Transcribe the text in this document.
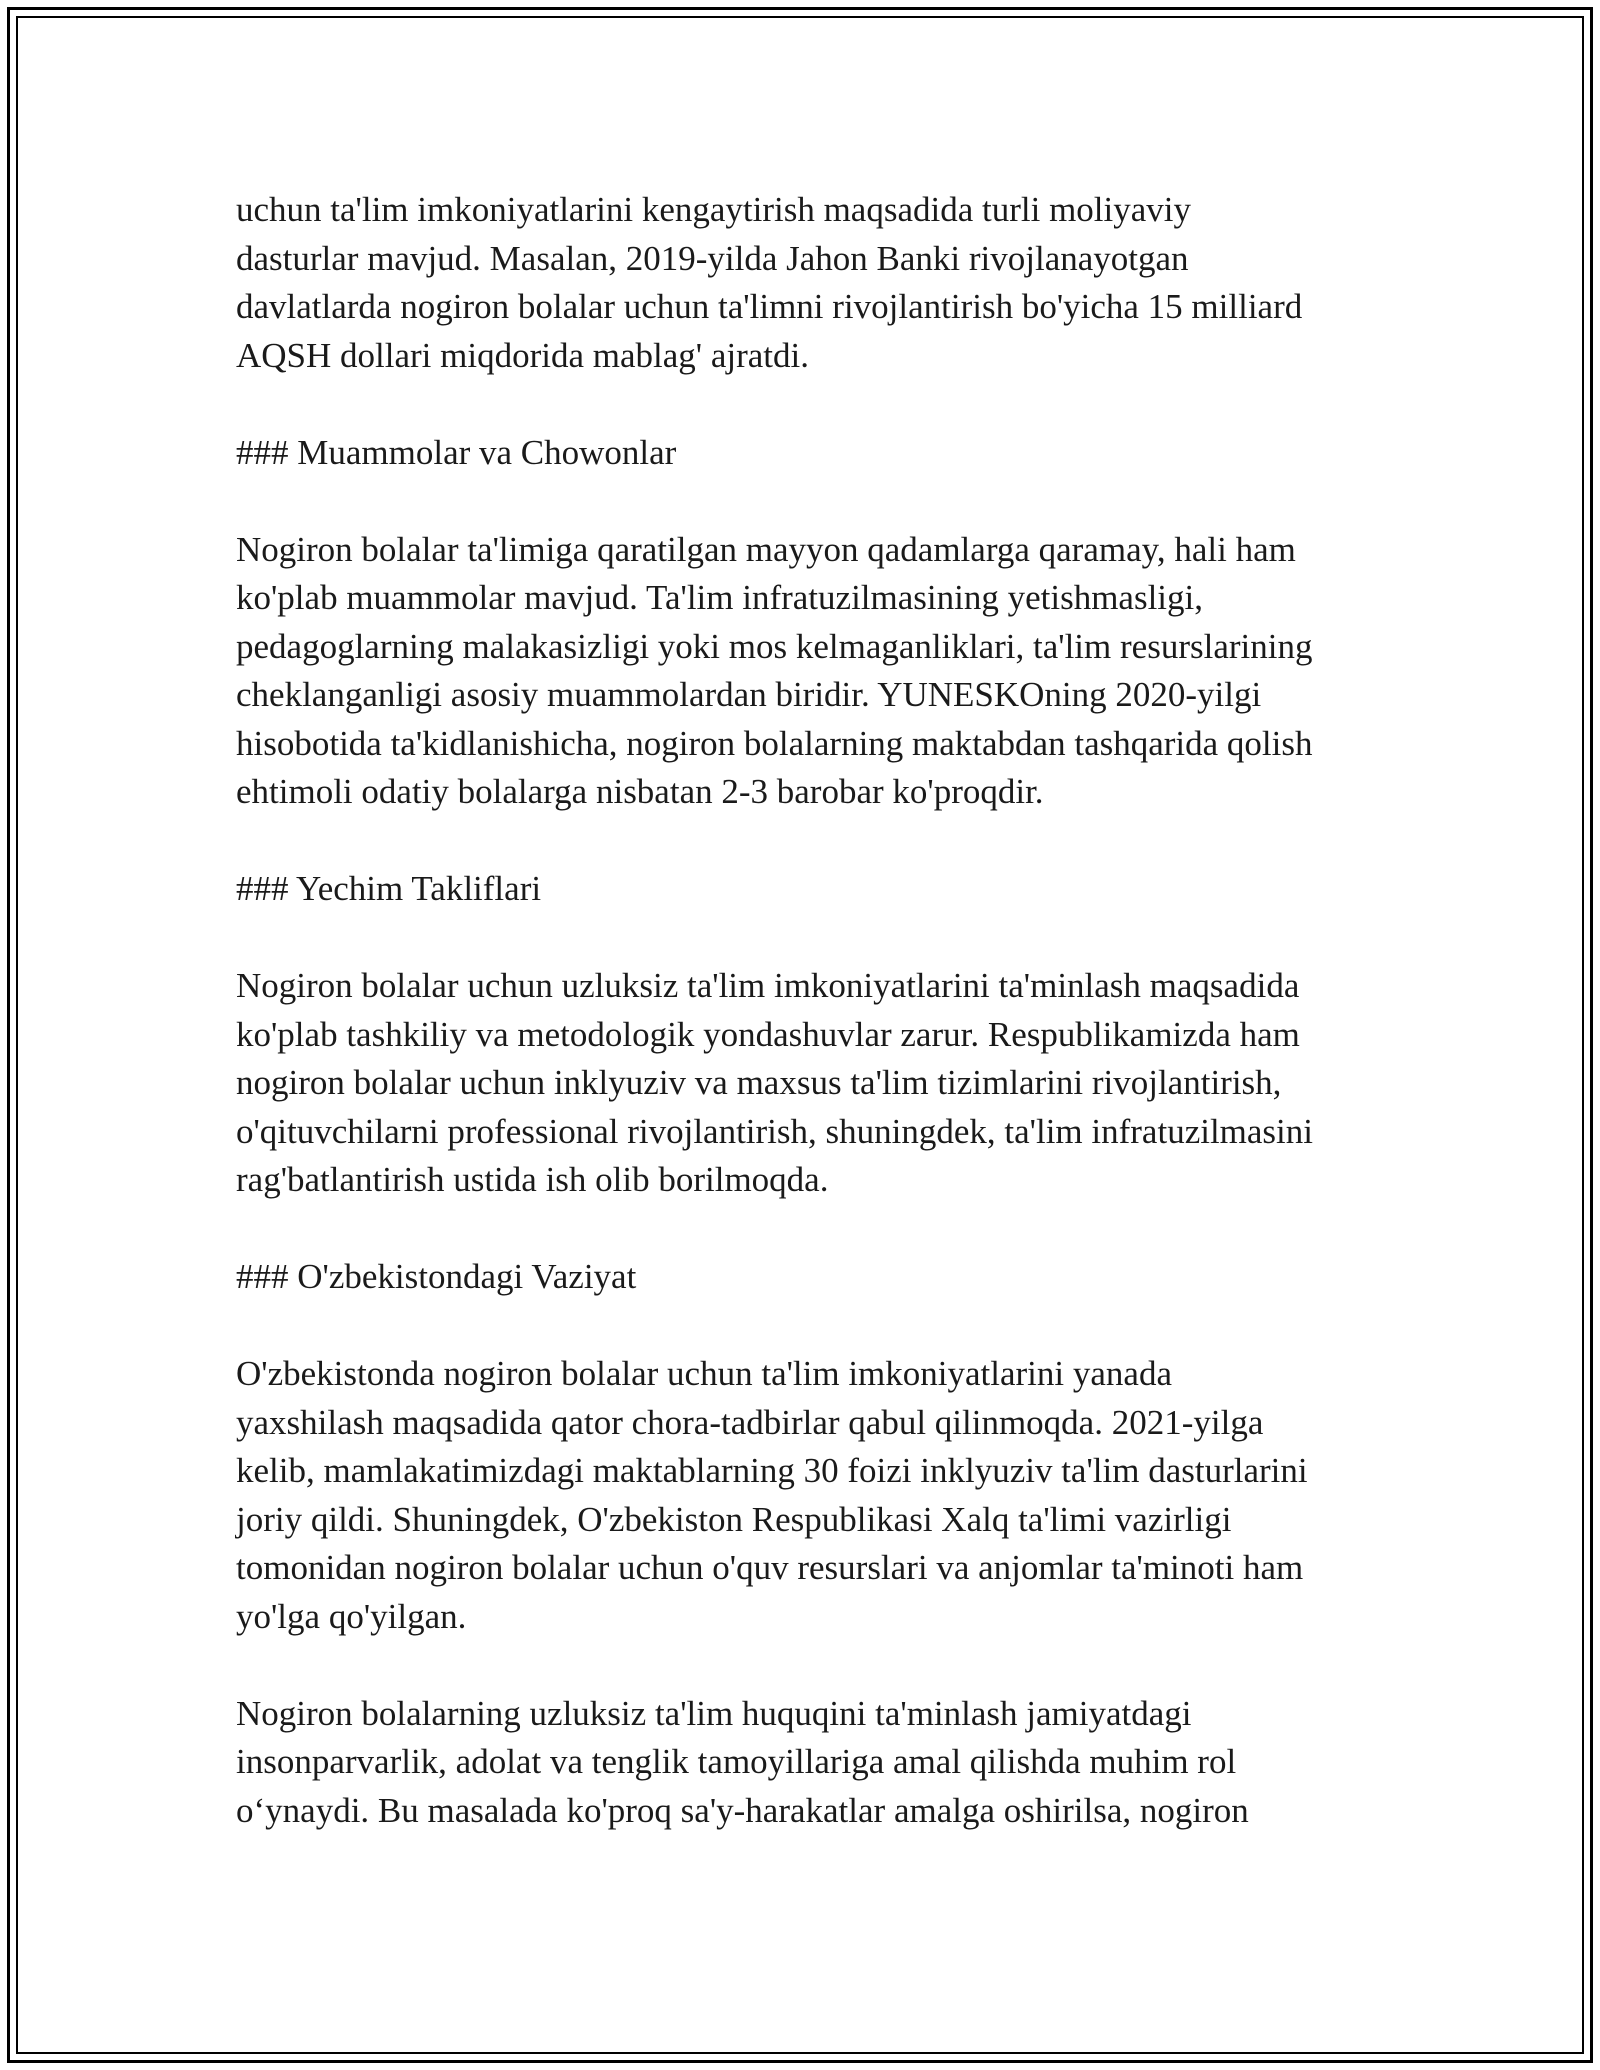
uchun ta'lim imkoniyatlarini kengaytirish maqsadida turli moliyaviy
dasturlar mavjud. Masalan, 2019-yilda Jahon Banki rivojlanayotgan
davlatlarda nogiron bolalar uchun ta'limni rivojlantirish bo'yicha 15 milliard
AQSH dollari miqdorida mablag' ajratdi.
### Muammolar va Chowonlar
Nogiron bolalar ta'limiga qaratilgan mayyon qadamlarga qaramay, hali ham
ko'plab muammolar mavjud. Ta'lim infratuzilmasining yetishmasligi,
pedagoglarning malakasizligi yoki mos kelmaganliklari, ta'lim resurslarining
cheklanganligi asosiy muammolardan biridir. YUNESKOning 2020-yilgi
hisobotida ta'kidlanishicha, nogiron bolalarning maktabdan tashqarida qolish
ehtimoli odatiy bolalarga nisbatan 2-3 barobar ko'proqdir.
### Yechim Takliflari
Nogiron bolalar uchun uzluksiz ta'lim imkoniyatlarini ta'minlash maqsadida
ko'plab tashkiliy va metodologik yondashuvlar zarur. Respublikamizda ham
nogiron bolalar uchun inklyuziv va maxsus ta'lim tizimlarini rivojlantirish,
o'qituvchilarni professional rivojlantirish, shuningdek, ta'lim infratuzilmasini
rag'batlantirish ustida ish olib borilmoqda.
### O'zbekistondagi Vaziyat
O'zbekistonda nogiron bolalar uchun ta'lim imkoniyatlarini yanada
yaxshilash maqsadida qator chora-tadbirlar qabul qilinmoqda. 2021-yilga
kelib, mamlakatimizdagi maktablarning 30 foizi inklyuziv ta'lim dasturlarini
joriy qildi. Shuningdek, O'zbekiston Respublikasi Xalq ta'limi vazirligi
tomonidan nogiron bolalar uchun o'quv resurslari va anjomlar ta'minoti ham
yo'lga qo'yilgan.
Nogiron bolalarning uzluksiz ta'lim huquqini ta'minlash jamiyatdagi
insonparvarlik, adolat va tenglik tamoyillariga amal qilishda muhim rol
o‘ynaydi. Bu masalada ko'proq sa'y-harakatlar amalga oshirilsa, nogiron
